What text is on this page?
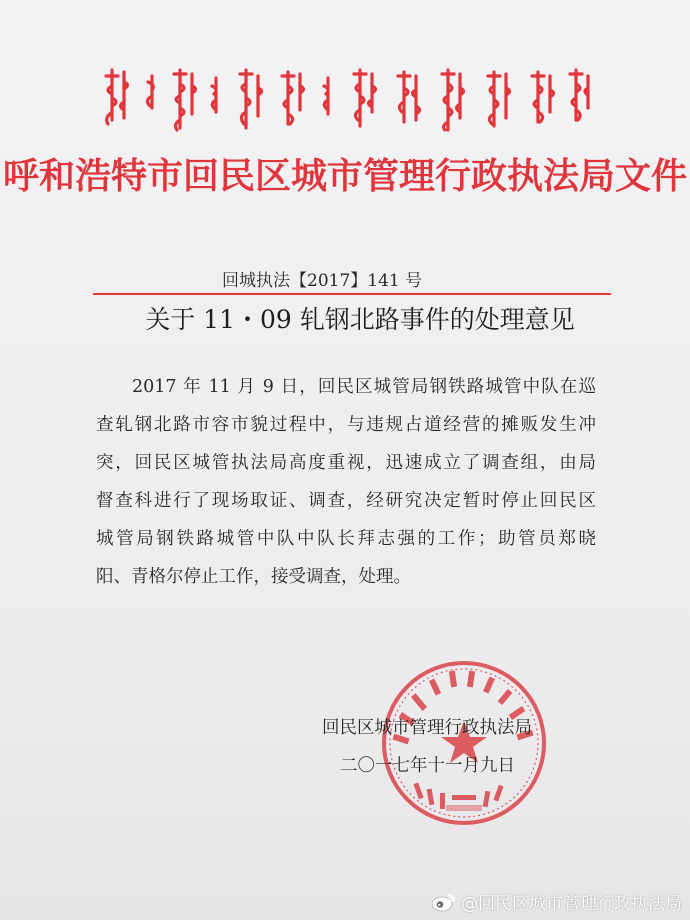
呼和浩特市回民区城市管理行政执法局文件
回城执法【2017】141 号
关于 11・09 轧钢北路事件的处理意见
2017 年 11 月 9 日，回民区城管局钢铁路城管中队在巡
查轧钢北路市容市貌过程中，与违规占道经营的摊贩发生冲
突，回民区城管执法局高度重视，迅速成立了调查组，由局
督查科进行了现场取证、调查，经研究决定暂时停止回民区
城管局钢铁路城管中队中队长拜志强的工作；助管员郑晓
阳、青格尔停止工作，接受调查，处理。
回民区城市管理行政执法局
二〇一七年十一月九日
@回民区城市管理行政执法局
